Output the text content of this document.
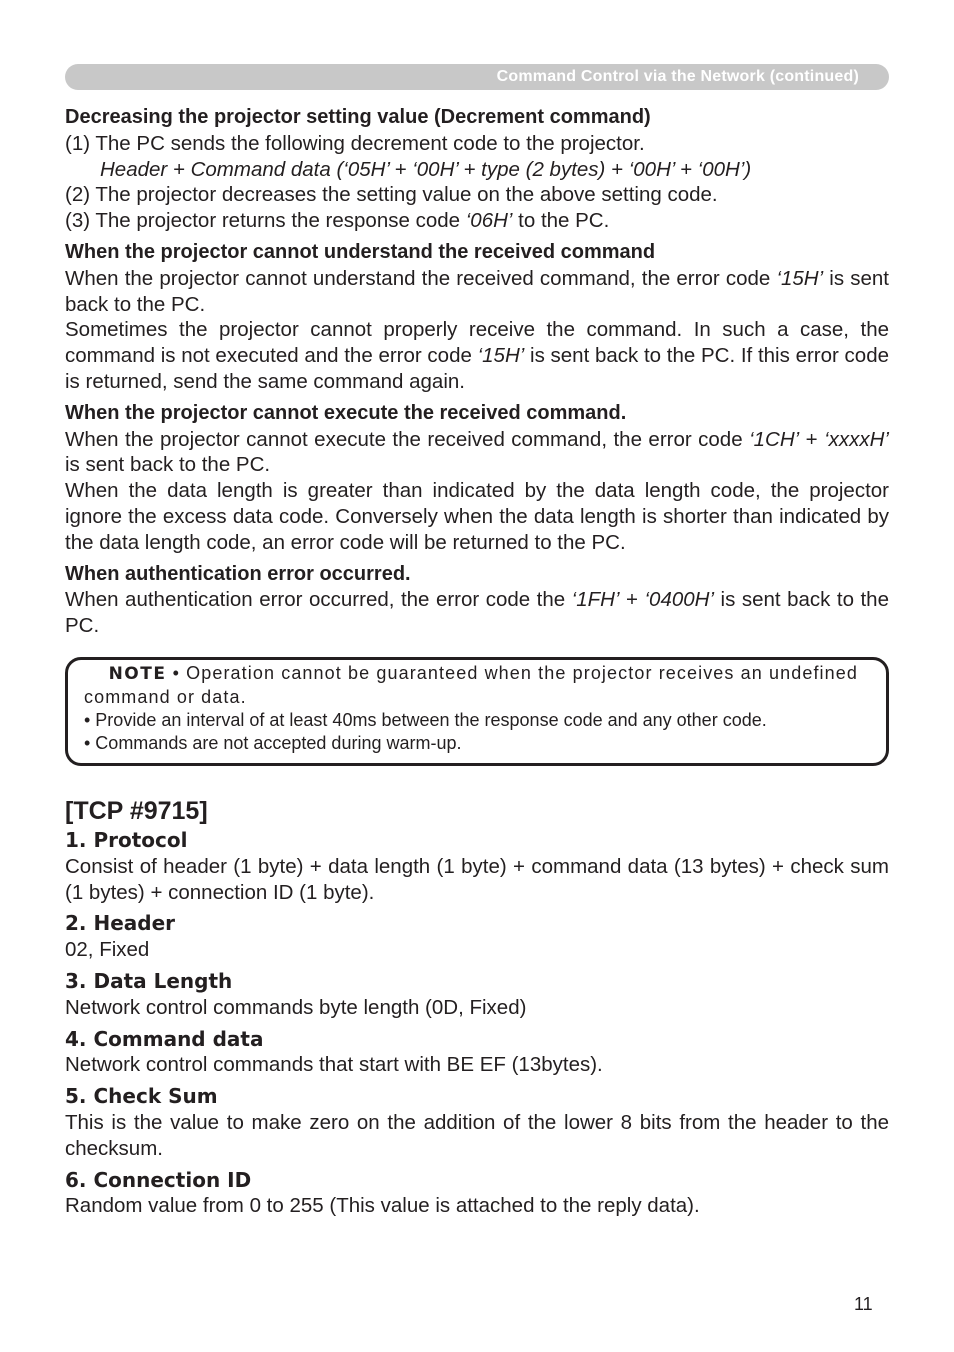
Command Control via the Network (continued)

Decreasing the projector setting value (Decrement command)

(1) The PC sends the following decrement code to the projector.

Header + Command data (‘05H’ + ‘00H’ + type (2 bytes) + ‘00H’ + ‘00H’)

(2) The projector decreases the setting value on the above setting code.

(3) The projector returns the response code ‘06H’ to the PC.

When the projector cannot understand the received command

When the projector cannot understand the received command, the error code ‘15H’ is sent back to the PC.

Sometimes the projector cannot properly receive the command. In such a case, the command is not executed and the error code ‘15H’ is sent back to the PC. If this error code is returned, send the same command again.

When the projector cannot execute the received command.

When the projector cannot execute the received command, the error code ‘1CH’ + ‘xxxxH’ is sent back to the PC.

When the data length is greater than indicated by the data length code, the projector ignore the excess data code. Conversely when the data length is shorter than indicated by the data length code, an error code will be returned to the PC.

When authentication error occurred.

When authentication error occurred, the error code the ‘1FH’ + ‘0400H’ is sent back to the PC.

NOTE • Operation cannot be guaranteed when the projector receives an undefined command or data.

• Provide an interval of at least 40ms between the response code and any other code.

• Commands are not accepted during warm-up.

[TCP #9715]

1. Protocol

Consist of header (1 byte) + data length (1 byte) + command data (13 bytes) + check sum (1 bytes) + connection ID (1 byte).

2. Header

02, Fixed

3. Data Length

Network control commands byte length (0D, Fixed)

4. Command data

Network control commands that start with BE EF (13bytes).

5. Check Sum

This is the value to make zero on the addition of the lower 8 bits from the header to the checksum.

6. Connection ID

Random value from 0 to 255 (This value is attached to the reply data).

11
